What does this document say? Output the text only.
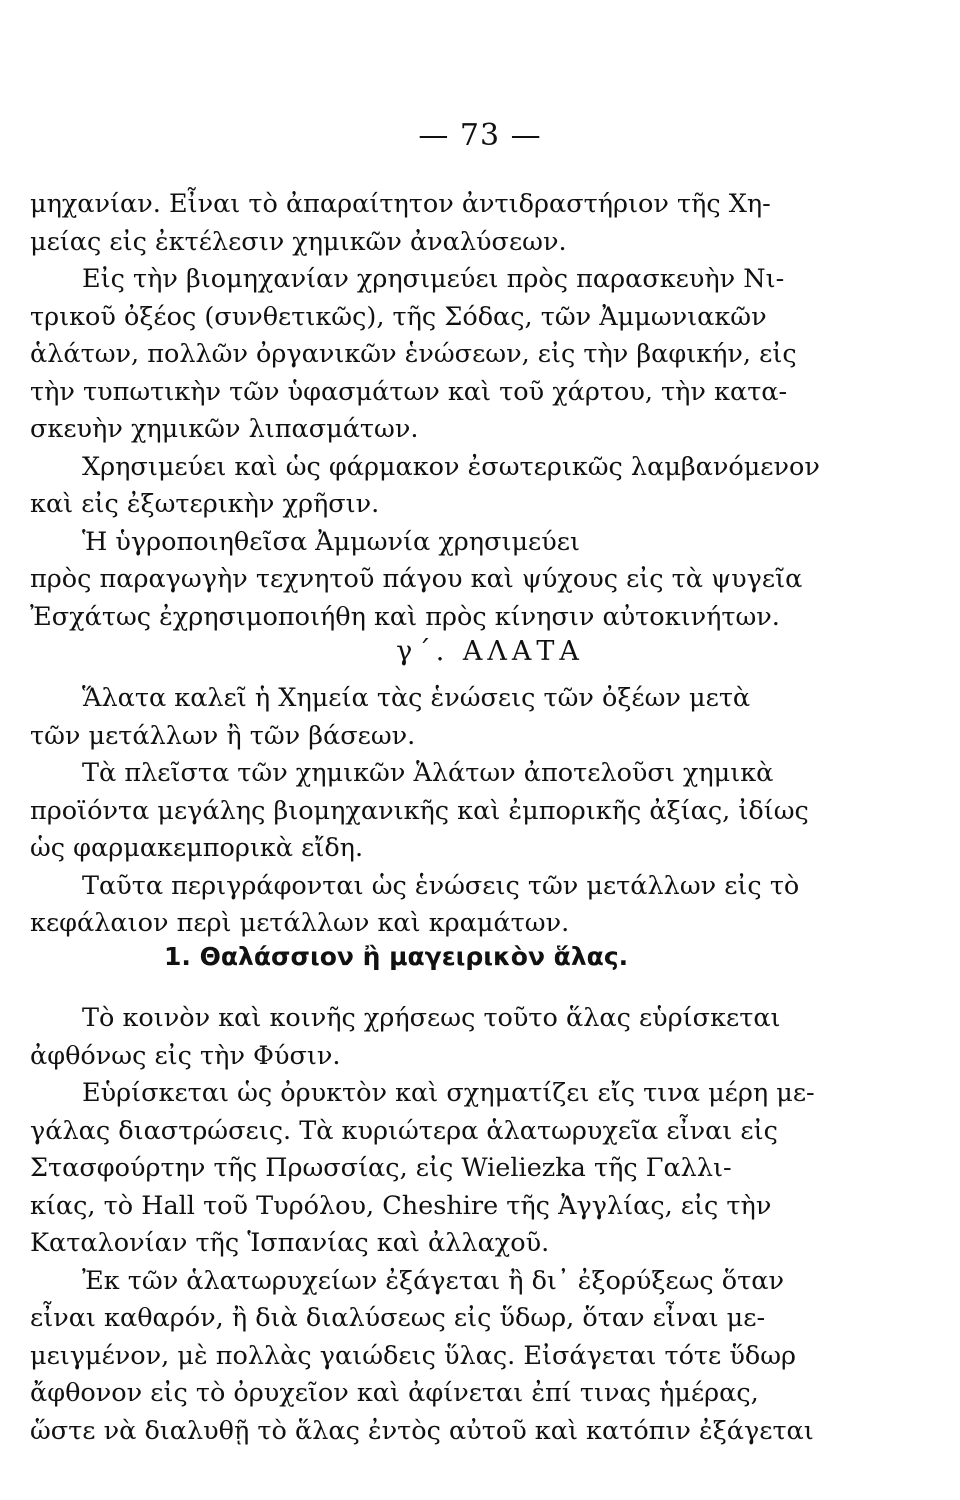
— 73 —
μηχανίαν. Εἶναι τὸ ἀπαραίτητον ἀντιδραστήριον τῆς Χη-
μείας εἰς ἐκτέλεσιν χημικῶν ἀναλύσεων.
Εἰς τὴν βιομηχανίαν χρησιμεύει πρὸς παρασκευὴν Νι-
τρικοῦ ὀξέος (συνθετικῶς), τῆς Σόδας, τῶν Ἀμμωνιακῶν
ἁλάτων, πολλῶν ὀργανικῶν ἑνώσεων, εἰς τὴν βαφικήν, εἰς
τὴν τυπωτικὴν τῶν ὑφασμάτων καὶ τοῦ χάρτου, τὴν κατα-
σκευὴν χημικῶν λιπασμάτων.
Χρησιμεύει καὶ ὡς φάρμακον ἐσωτερικῶς λαμβανόμενον
καὶ εἰς ἐξωτερικὴν χρῆσιν.
Ἡ ὑγροποιηθεῖσα Ἀμμωνία χρησιμεύει
πρὸς παραγωγὴν τεχνητοῦ πάγου καὶ ψύχους εἰς τὰ ψυγεῖα
Ἐσχάτως ἐχρησιμοποιήθη καὶ πρὸς κίνησιν αὐτοκινήτων.
γ΄. ΑΛΑΤΑ
Ἅλατα καλεῖ ἡ Χημεία τὰς ἑνώσεις τῶν ὀξέων μετὰ
τῶν μετάλλων ἢ τῶν βάσεων.
Τὰ πλεῖστα τῶν χημικῶν Ἁλάτων ἀποτελοῦσι χημικὰ
προϊόντα μεγάλης βιομηχανικῆς καὶ ἐμπορικῆς ἀξίας, ἰδίως
ὡς φαρμακεμπορικὰ εἴδη.
Ταῦτα περιγράφονται ὡς ἑνώσεις τῶν μετάλλων εἰς τὸ
κεφάλαιον περὶ μετάλλων καὶ κραμάτων.
1. Θαλάσσιον ἢ μαγειρικὸν ἅλας.
Τὸ κοινὸν καὶ κοινῆς χρήσεως τοῦτο ἅλας εὑρίσκεται
ἀφθόνως εἰς τὴν Φύσιν.
Εὑρίσκεται ὡς ὀρυκτὸν καὶ σχηματίζει εἴς τινα μέρη με-
γάλας διαστρώσεις. Τὰ κυριώτερα ἁλατωρυχεῖα εἶναι εἰς
Στασφούρτην τῆς Πρωσσίας, εἰς Wieliezka τῆς Γαλλι-
κίας, τὸ Hall τοῦ Τυρόλου, Cheshire τῆς Ἀγγλίας, εἰς τὴν
Καταλονίαν τῆς Ἱσπανίας καὶ ἀλλαχοῦ.
Ἐκ τῶν ἁλατωρυχείων ἐξάγεται ἢ δι᾽ ἐξορύξεως ὅταν
εἶναι καθαρόν, ἢ διὰ διαλύσεως εἰς ὕδωρ, ὅταν εἶναι με-
μειγμένον, μὲ πολλὰς γαιώδεις ὕλας. Εἰσάγεται τότε ὕδωρ
ἄφθονον εἰς τὸ ὀρυχεῖον καὶ ἀφίνεται ἐπί τινας ἡμέρας,
ὥστε νὰ διαλυθῇ τὸ ἅλας ἐντὸς αὐτοῦ καὶ κατόπιν ἐξάγεται
